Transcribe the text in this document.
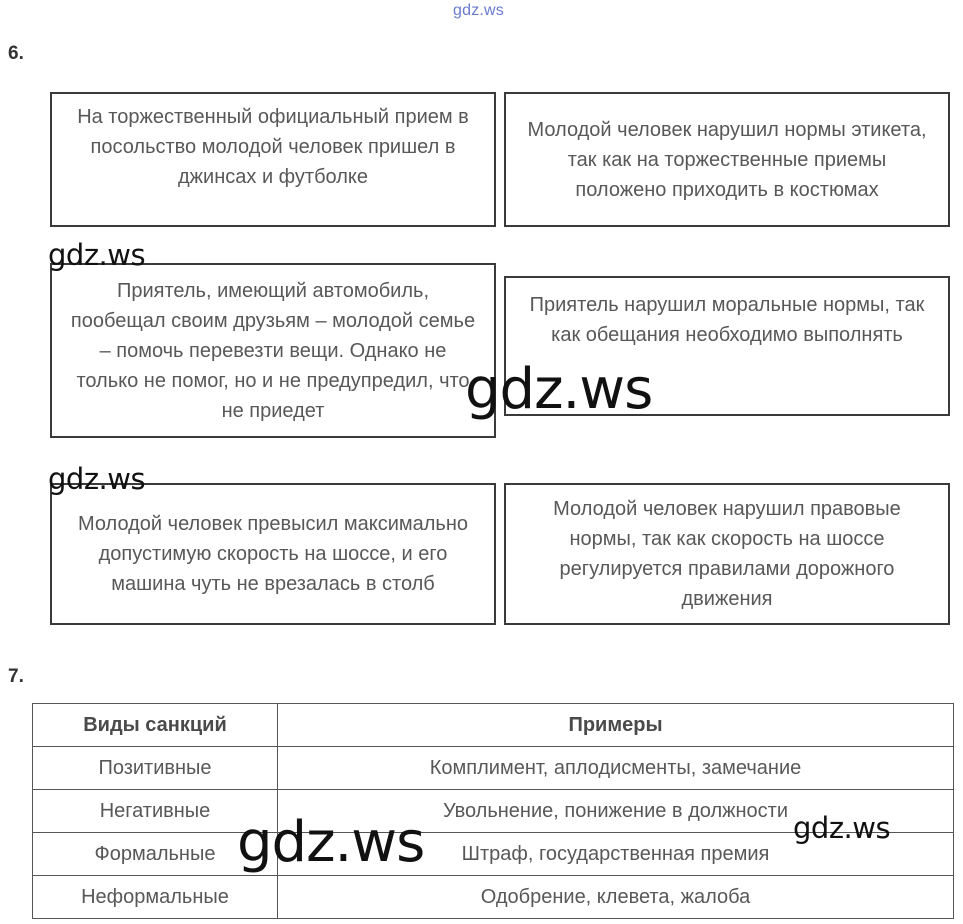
gdz.ws
6.
На торжественный официальный прием в посольство молодой человек пришел в джинсах и футболке
Молодой человек нарушил нормы этикета, так как на торжественные приемы положено приходить в костюмах
Приятель, имеющий автомобиль, пообещал своим друзьям – молодой семье – помочь перевезти вещи. Однако не только не помог, но и не предупредил, что не приедет
Приятель нарушил моральные нормы, так как обещания необходимо выполнять
Молодой человек превысил максимально допустимую скорость на шоссе, и его машина чуть не врезалась в столб
Молодой человек нарушил правовые нормы, так как скорость на шоссе регулируется правилами дорожного движения
7.
Виды санкций	Примеры
Позитивные	Комплимент, аплодисменты, замечание
Негативные	Увольнение, понижение в должности
Формальные	Штраф, государственная премия
Неформальные	Одобрение, клевета, жалоба
gdz.ws
gdz.ws
gdz.ws
gdz.ws	gdz.ws
